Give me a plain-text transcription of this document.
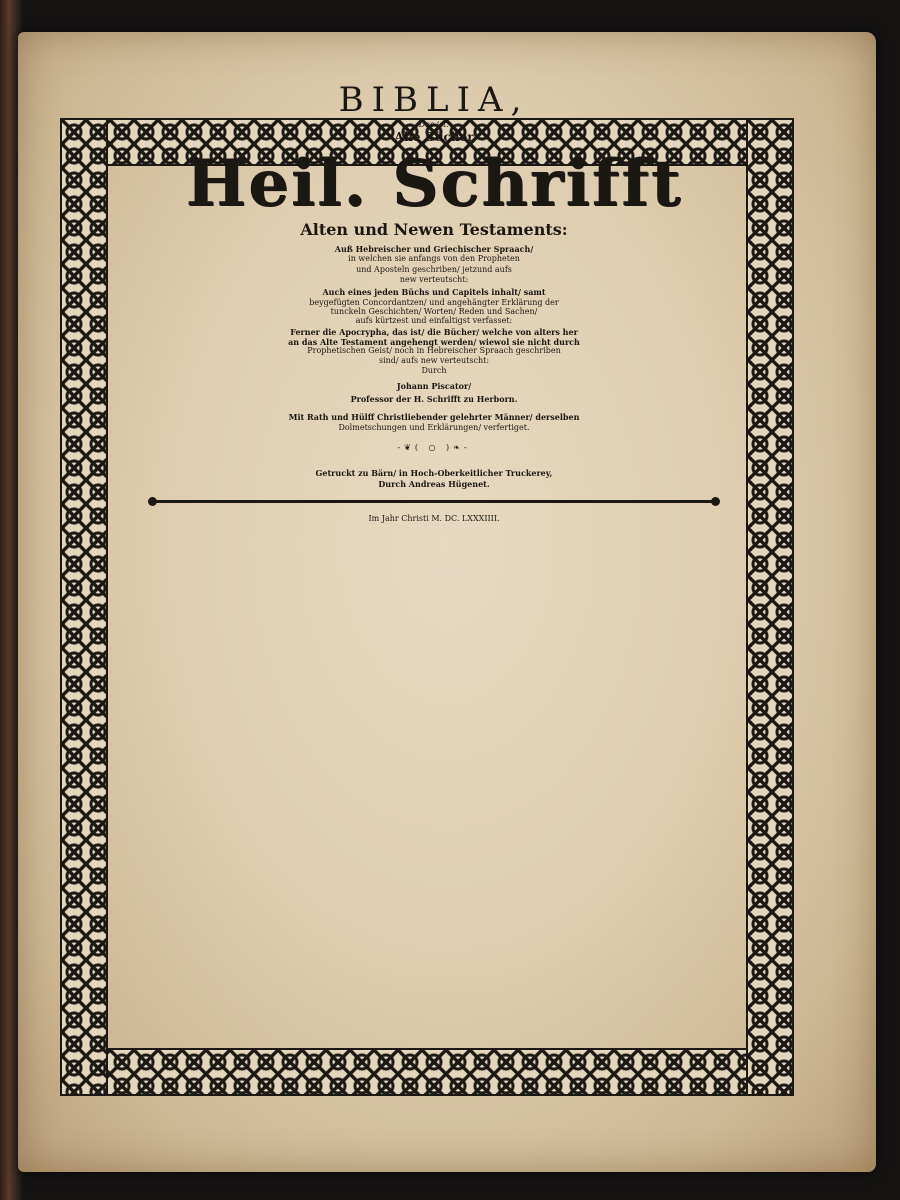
BIBLIA,
Das ist:
Alle Bücher
Heil. Schrifft
Alten und Newen Testaments:
Auß Hebreischer und Griechischer Spraach/
in welchen sie anfangs von den Propheten
und Aposteln geschriben/ jetzund aufs
new verteutscht:
Auch eines jeden Büchs und Capitels inhalt/ samt
beygefügten Concordantzen/ und angehängter Erklärung der
tunckeln Geschichten/ Worten/ Reden und Sachen/
aufs kürtzest und einfaltigst verfasset:
Ferner die Apocrypha, das ist/ die Bücher/ welche von alters her
an das Alte Testament angehengt werden/ wiewol sie nicht durch
Prophetischen Geist/ noch in Hebreischer Spraach geschriben
sind/ aufs new verteutscht:
Durch
Johann Piscator/
Professor der H. Schrifft zu Herborn.
Mit Rath und Hülff Christliebender gelehrter Männer/ derselben
Dolmetschungen und Erklärungen/ verfertiget.
-❦( ○ )❧-
Getruckt zu Bärn/ in Hoch-Oberkeitlicher Truckerey,
Durch Andreas Hügenet.
Im Jahr Christi M. DC. LXXXIIII.
